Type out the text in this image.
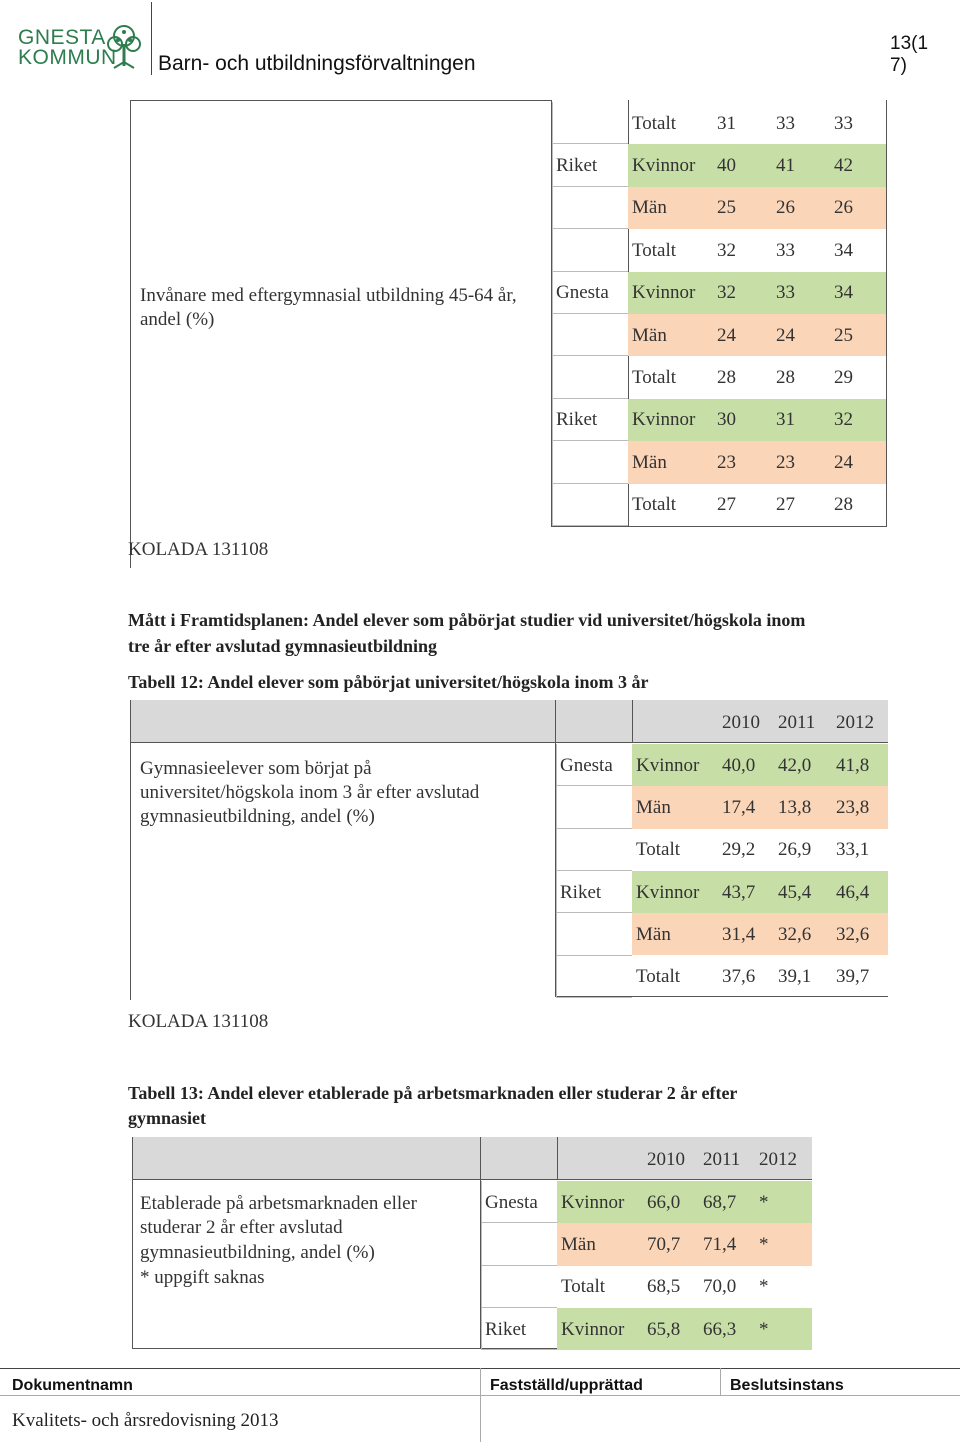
GNESTA
KOMMUN Barn- och utbildningsförvaltningen
13(1
7)
Invånare med eftergymnasial utbildning 45-64 år, andel (%)
KOLADA 131108
Totalt	31	33	33
Riket	Kvinnor	40	41	42
Män	25	26	26
Totalt	32	33	34
Gnesta	Kvinnor	32	33	34
Män	24	24	25
Totalt	28	28	29
Riket	Kvinnor	30	31	32
Män	23	23	24
Totalt	27	27	28
Mått i Framtidsplanen: Andel elever som påbörjat studier vid universitet/högskola inom
tre år efter avslutad gymnasieutbildning
Tabell 12: Andel elever som påbörjat universitet/högskola inom 3 år
2010 2011	2012
Gymnasieelever som börjat på
universitet/högskola inom 3 år efter avslutad
gymnasieutbildning, andel (%)
KOLADA 131108
Gnesta	Kvinnor	40,0	42,0	41,8
Män	17,4	13,8	23,8
Totalt	29,2	26,9	33,1
Riket	Kvinnor	43,7	45,4	46,4
Män	31,4	32,6	32,6
Totalt	37,6	39,1	39,7
Tabell 13: Andel elever etablerade på arbetsmarknaden eller studerar 2 år efter
gymnasiet
2010 2011 2012
Etablerade på arbetsmarknaden eller
studerar 2 år efter avslutad
gymnasieutbildning, andel (%)
* uppgift saknas
Gnesta	Kvinnor	66,0	68,7	*
Män	70,7	71,4	*
Totalt	68,5	70,0	*
Riket	Kvinnor	65,8	66,3	*
Dokumentnamn	Fastställd/upprättad	Beslutsinstans
Kvalitets- och årsredovisning 2013
